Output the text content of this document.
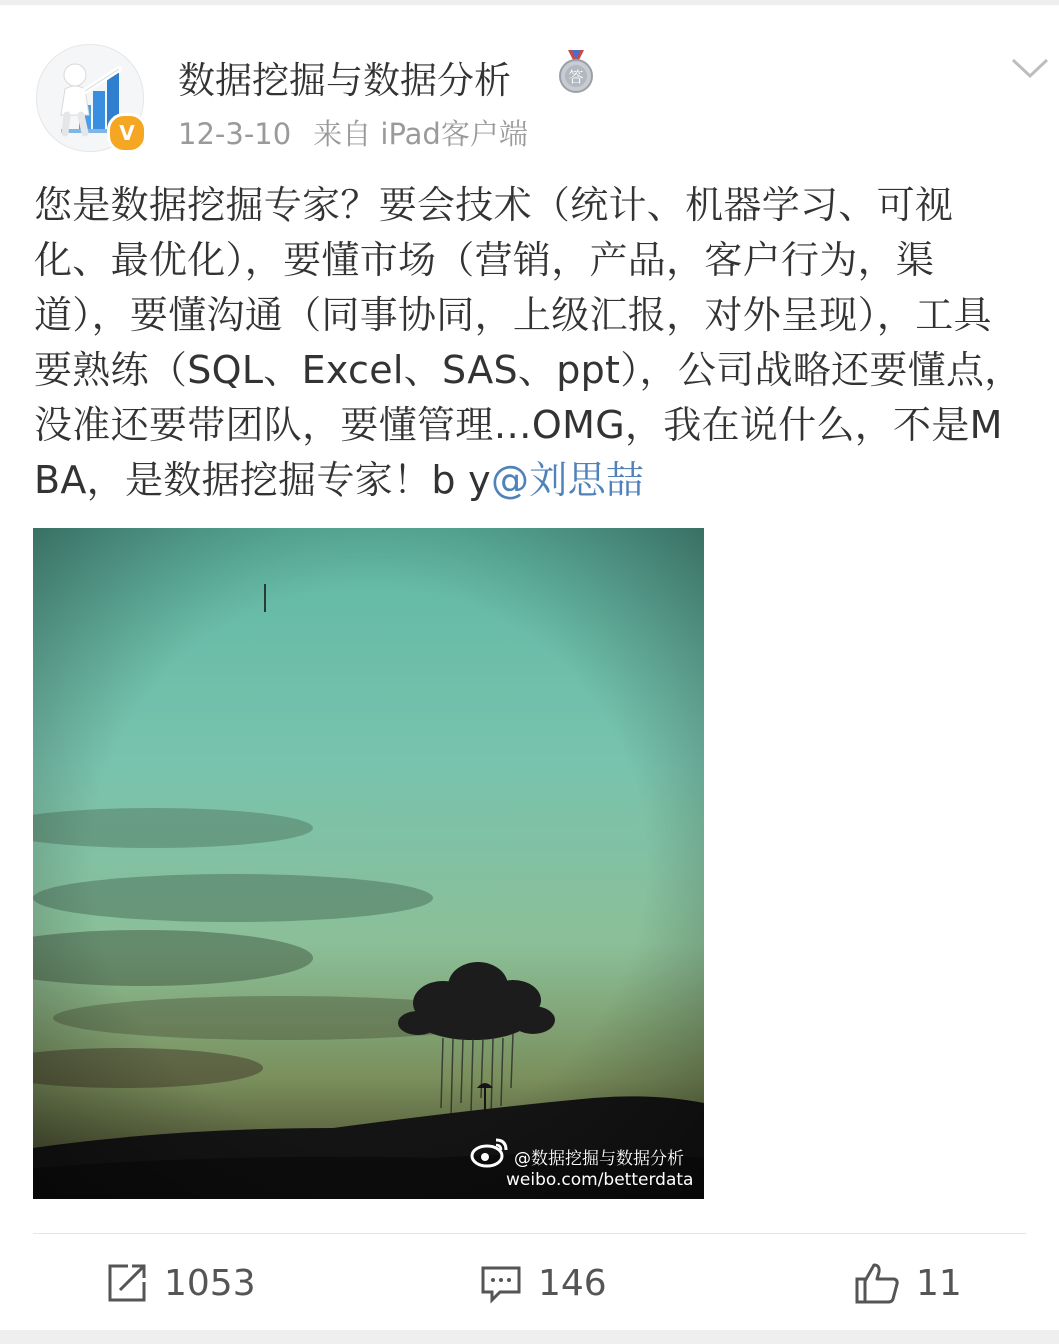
V
数据挖掘与数据分析	答
12-3-10 来自 iPad客户端
您是数据挖掘专家？要会技术（统计、机器学习、可视化、最优化），要懂市场（营销，产品，客户行为，渠道），要懂沟通（同事协同，上级汇报，对外呈现），工具要熟练（SQL、Excel、SAS、ppt），公司战略还要懂点，没准还要带团队，要懂管理…OMG，我在说什么，不是MBA，是数据挖掘专家！b y@刘思喆
@数据挖掘与数据分析
weibo.com/betterdata
1053	146	11
